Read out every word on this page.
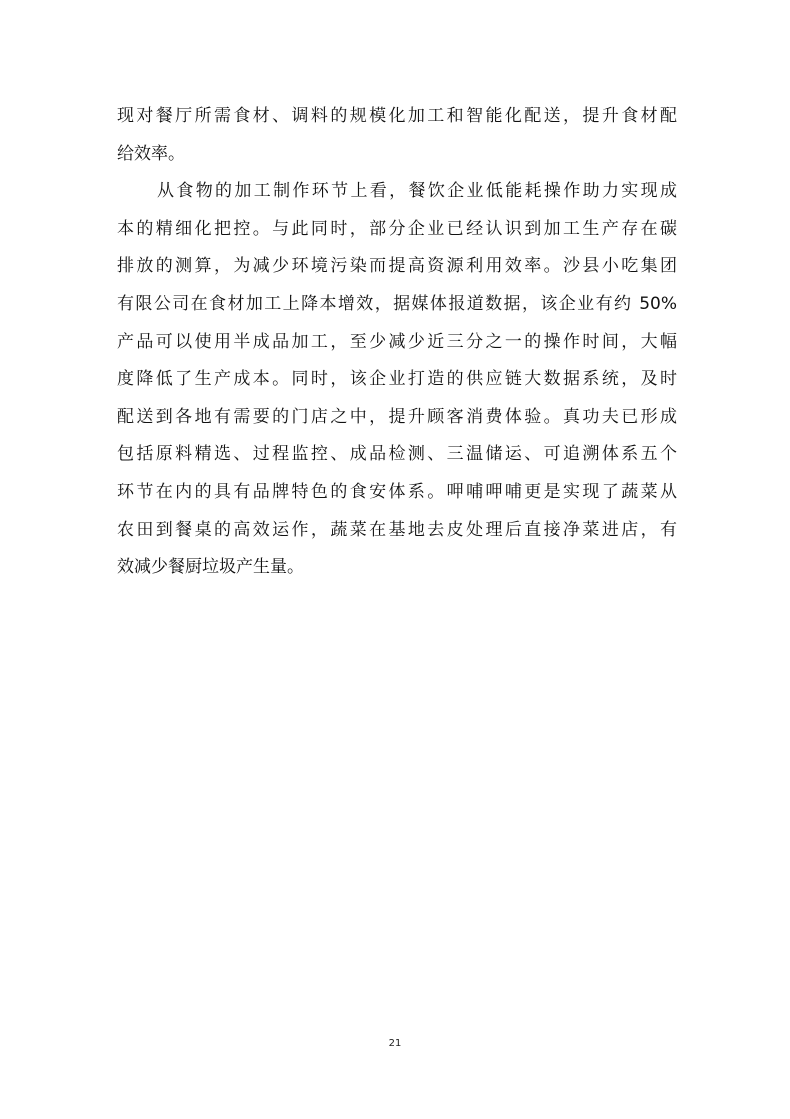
现对餐厅所需食材、调料的规模化加工和智能化配送，提升食材配
给效率。
从食物的加工制作环节上看，餐饮企业低能耗操作助力实现成
本的精细化把控。与此同时，部分企业已经认识到加工生产存在碳
排放的测算，为减少环境污染而提高资源利用效率。沙县小吃集团
有限公司在食材加工上降本增效，据媒体报道数据，该企业有约 50%
产品可以使用半成品加工，至少减少近三分之一的操作时间，大幅
度降低了生产成本。同时，该企业打造的供应链大数据系统，及时
配送到各地有需要的门店之中，提升顾客消费体验。真功夫已形成
包括原料精选、过程监控、成品检测、三温储运、可追溯体系五个
环节在内的具有品牌特色的食安体系。呷哺呷哺更是实现了蔬菜从
农田到餐桌的高效运作，蔬菜在基地去皮处理后直接净菜进店，有
效减少餐厨垃圾产生量。
21
